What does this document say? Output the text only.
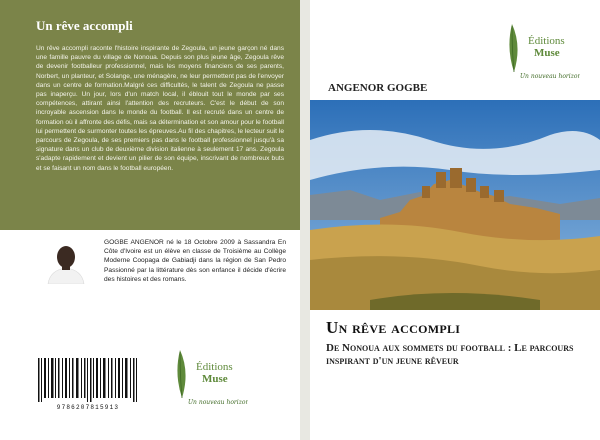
Un rêve accompli

Un rêve accompli raconte l'histoire inspirante de Zegoula, un jeune garçon né dans une famille pauvre du village de Nonoua. Depuis son plus jeune âge, Zegoula rêve de devenir footballeur professionnel, mais les moyens financiers de ses parents, Norbert, un planteur, et Solange, une ménagère, ne leur permettent pas de l'envoyer dans un centre de formation.Malgré ces difficultés, le talent de Zegoula ne passe pas inaperçu. Un jour, lors d'un match local, il éblouit tout le monde par ses compétences, attirant ainsi l'attention des recruteurs. C'est le début de son incroyable ascension dans le monde du football. Il est recruté dans un centre de formation où il affronte des défis, mais sa détermination et son amour pour le football lui permettent de surmonter toutes les épreuves.Au fil des chapitres, le lecteur suit le parcours de Zegoula, de ses premiers pas dans le football professionnel jusqu'à sa signature dans un club de deuxième division italienne à seulement 17 ans. Zegoula s'adapte rapidement et devient un pilier de son équipe, inscrivant de nombreux buts et se faisant un nom dans le football européen.

GOGBE ANGENOR né le 18 Octobre 2009 à Sassandra En Côte d'Ivoire est un élève en classe de Troisième au Collège Moderne Coopaga de Gabiadji dans la région de San Pedro Passionné par la littérature dès son enfance il décide d'écrire des histoires et des romans.

9786207815913
Éditions
Muse
Un nouveau horizon!
Éditions
Muse
Un nouveau horizon!
ANGENOR GOGBE
Un rêve accompli
De Nonoua aux sommets du football : Le parcours inspirant d'un jeune rêveur
